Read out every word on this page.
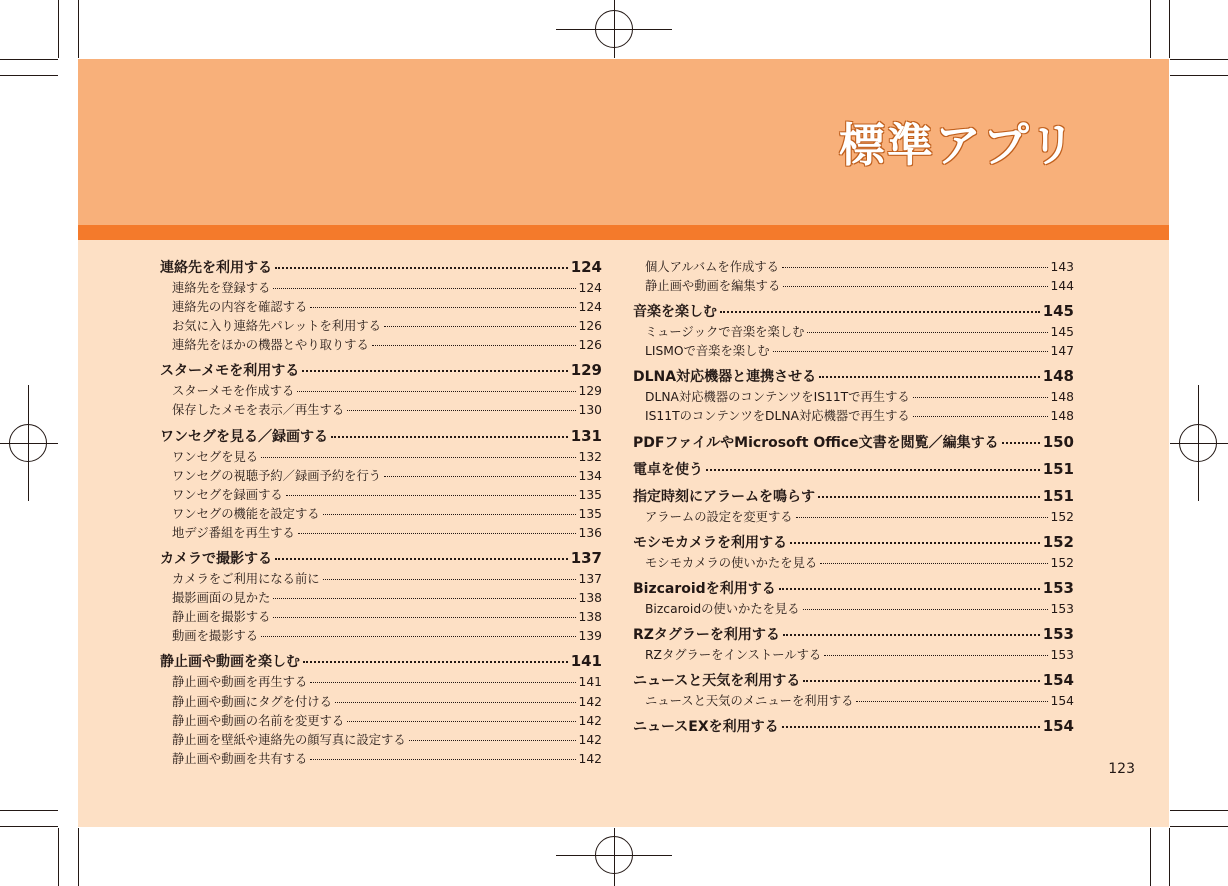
標準アプリ
連絡先を利用する	124
連絡先を登録する	124
連絡先の内容を確認する	124
お気に入り連絡先パレットを利用する	126
連絡先をほかの機器とやり取りする	126
スターメモを利用する	129
スターメモを作成する	129
保存したメモを表示／再生する	130
ワンセグを見る／録画する	131
ワンセグを見る	132
ワンセグの視聴予約／録画予約を行う	134
ワンセグを録画する	135
ワンセグの機能を設定する	135
地デジ番組を再生する	136
カメラで撮影する	137
カメラをご利用になる前に	137
撮影画面の見かた	138
静止画を撮影する	138
動画を撮影する	139
静止画や動画を楽しむ	141
静止画や動画を再生する	141
静止画や動画にタグを付ける	142
静止画や動画の名前を変更する	142
静止画を壁紙や連絡先の顔写真に設定する	142
静止画や動画を共有する	142
個人アルバムを作成する	143
静止画や動画を編集する	144
音楽を楽しむ	145
ミュージックで音楽を楽しむ	145
LISMOで音楽を楽しむ	147
DLNA対応機器と連携させる	148
DLNA対応機器のコンテンツをIS11Tで再生する	148
IS11TのコンテンツをDLNA対応機器で再生する	148
PDFファイルやMicrosoft Office文書を閲覧／編集する	150
電卓を使う	151
指定時刻にアラームを鳴らす	151
アラームの設定を変更する	152
モシモカメラを利用する	152
モシモカメラの使いかたを見る	152
Bizcaroidを利用する	153
Bizcaroidの使いかたを見る	153
RZタグラーを利用する	153
RZタグラーをインストールする	153
ニュースと天気を利用する	154
ニュースと天気のメニューを利用する	154
ニュースEXを利用する	154
123
